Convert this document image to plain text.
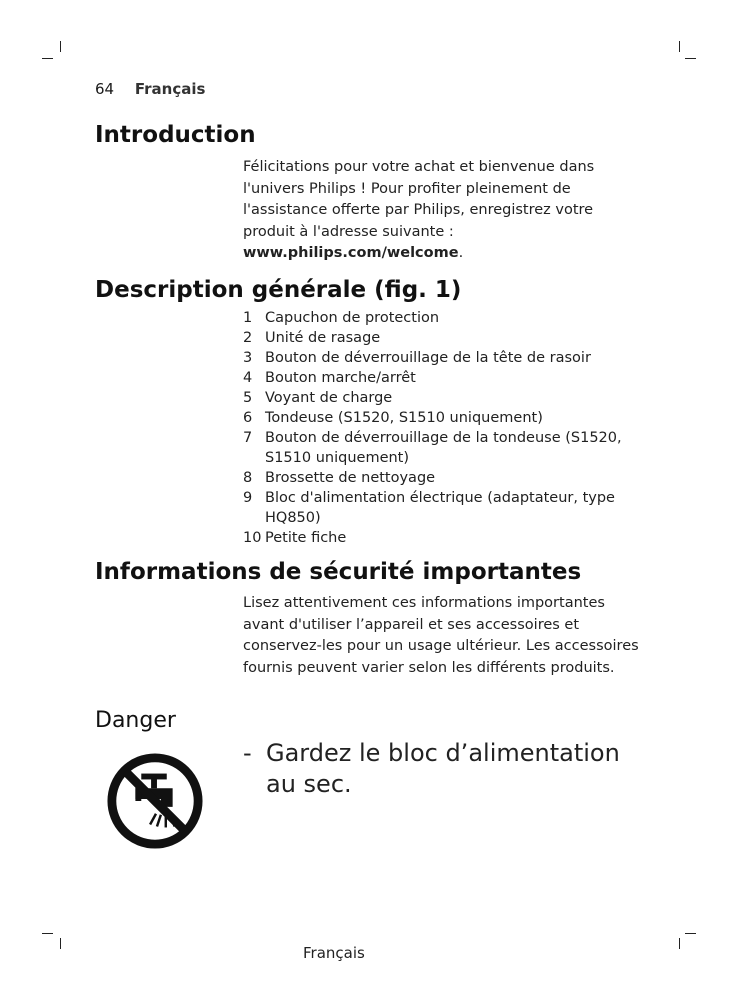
64 Français
Introduction

Félicitations pour votre achat et bienvenue dans l'univers Philips ! Pour profiter pleinement de l'assistance offerte par Philips, enregistrez votre produit à l'adresse suivante :
www.philips.com/welcome.

Description générale (fig. 1)
1 Capuchon de protection
2 Unité de rasage
3 Bouton de déverrouillage de la tête de rasoir
4 Bouton marche/arrêt
5 Voyant de charge
6 Tondeuse (S1520, S1510 uniquement)
7 Bouton de déverrouillage de la tondeuse (S1520, S1510 uniquement)
8 Brossette de nettoyage
9 Bloc d'alimentation électrique (adaptateur, type HQ850)
10 Petite fiche
Informations de sécurité importantes

Lisez attentivement ces informations importantes avant d'utiliser l’appareil et ses accessoires et conservez-les pour un usage ultérieur. Les accessoires fournis peuvent varier selon les différents produits.

Danger
- Gardez le bloc d’alimentation au sec.
Français
